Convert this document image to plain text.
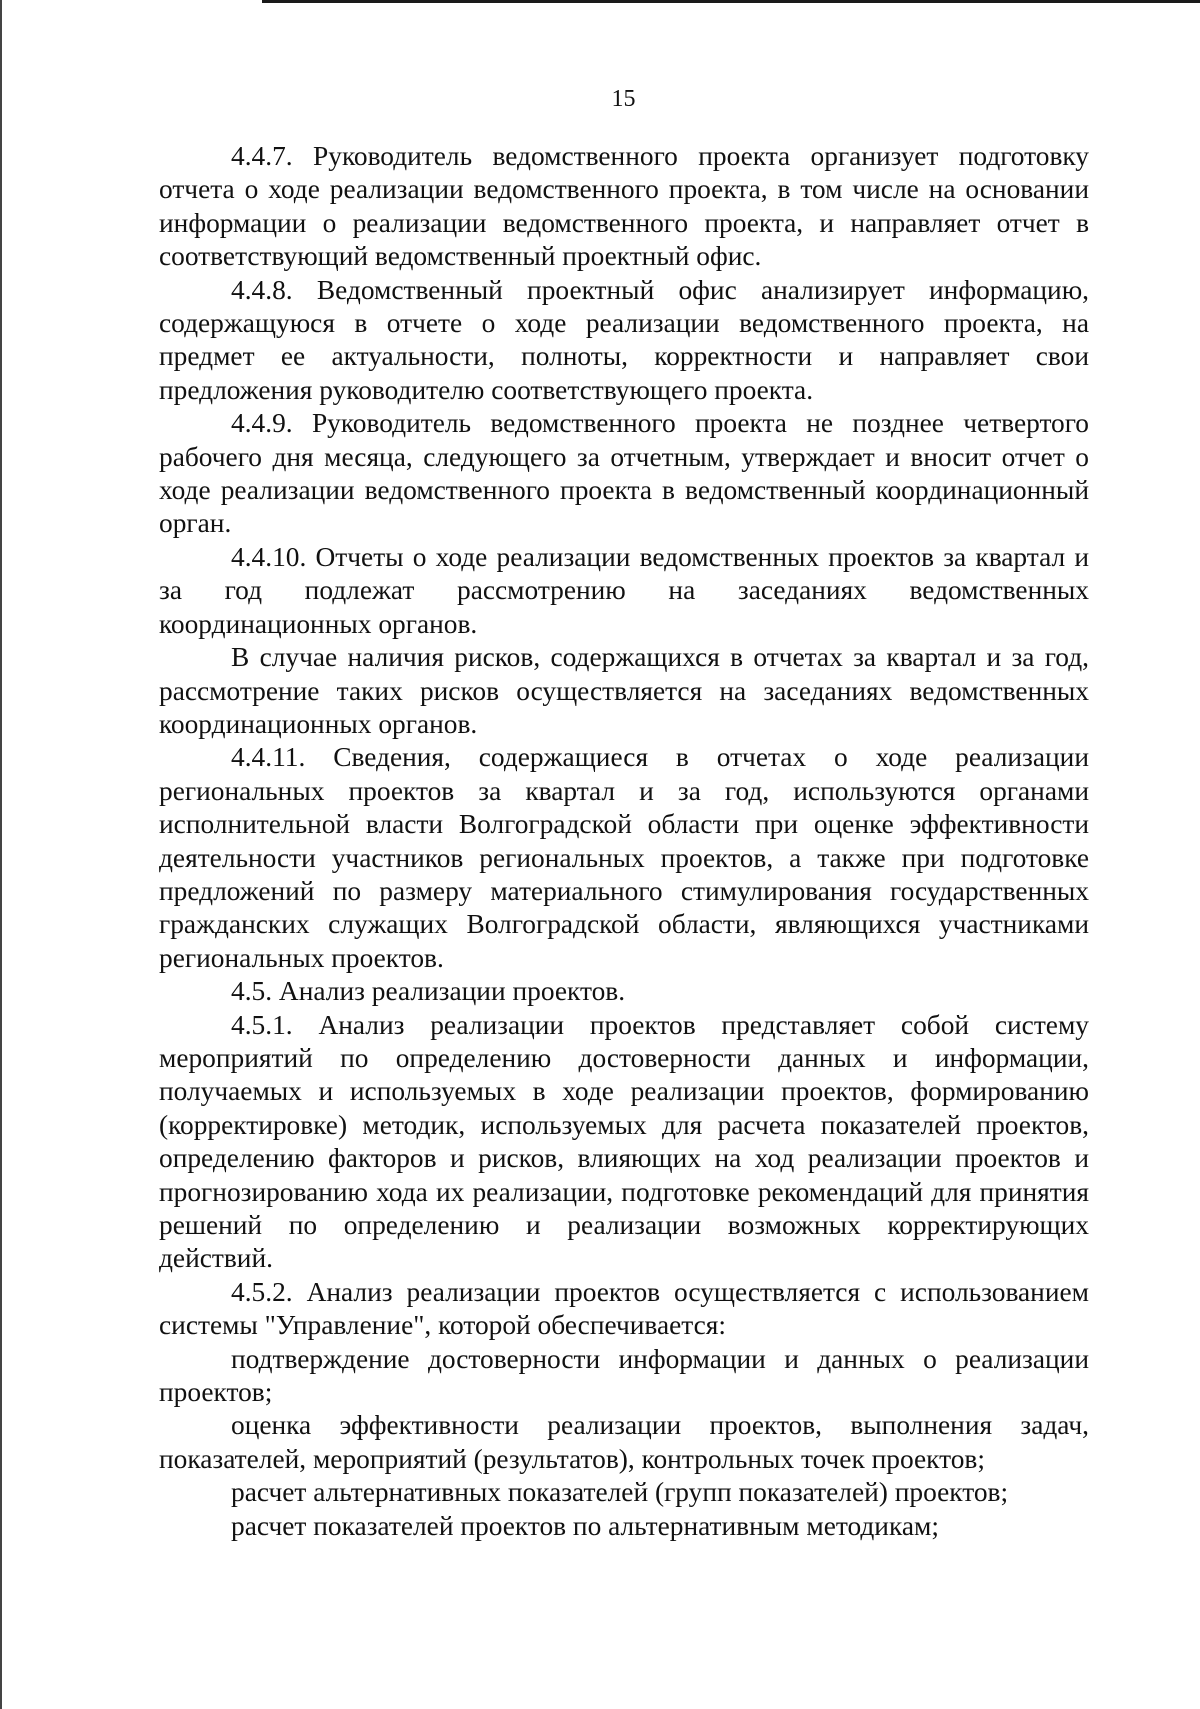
15

4.4.7. Руководитель ведомственного проекта организует подготовку отчета о ходе реализации ведомственного проекта, в том числе на основании информации о реализации ведомственного проекта, и направляет отчет в соответствующий ведомственный проектный офис.

4.4.8. Ведомственный проектный офис анализирует информацию, содержащуюся в отчете о ходе реализации ведомственного проекта, на предмет ее актуальности, полноты, корректности и направляет свои предложения руководителю соответствующего проекта.

4.4.9. Руководитель ведомственного проекта не позднее четвертого рабочего дня месяца, следующего за отчетным, утверждает и вносит отчет о ходе реализации ведомственного проекта в ведомственный координационный орган.

4.4.10. Отчеты о ходе реализации ведомственных проектов за квартал и за год подлежат рассмотрению на заседаниях ведомственных координационных органов.

В случае наличия рисков, содержащихся в отчетах за квартал и за год, рассмотрение таких рисков осуществляется на заседаниях ведомственных координационных органов.

4.4.11. Сведения, содержащиеся в отчетах о ходе реализации региональных проектов за квартал и за год, используются органами исполнительной власти Волгоградской области при оценке эффективности деятельности участников региональных проектов, а также при подготовке предложений по размеру материального стимулирования государственных гражданских служащих Волгоградской области, являющихся участниками региональных проектов.

4.5. Анализ реализации проектов.

4.5.1. Анализ реализации проектов представляет собой систему мероприятий по определению достоверности данных и информации, получаемых и используемых в ходе реализации проектов, формированию (корректировке) методик, используемых для расчета показателей проектов, определению факторов и рисков, влияющих на ход реализации проектов и прогнозированию хода их реализации, подготовке рекомендаций для принятия решений по определению и реализации возможных корректирующих действий.

4.5.2. Анализ реализации проектов осуществляется с использованием системы "Управление", которой обеспечивается:

подтверждение достоверности информации и данных о реализации проектов;

оценка эффективности реализации проектов, выполнения задач, показателей, мероприятий (результатов), контрольных точек проектов;

расчет альтернативных показателей (групп показателей) проектов;

расчет показателей проектов по альтернативным методикам;
